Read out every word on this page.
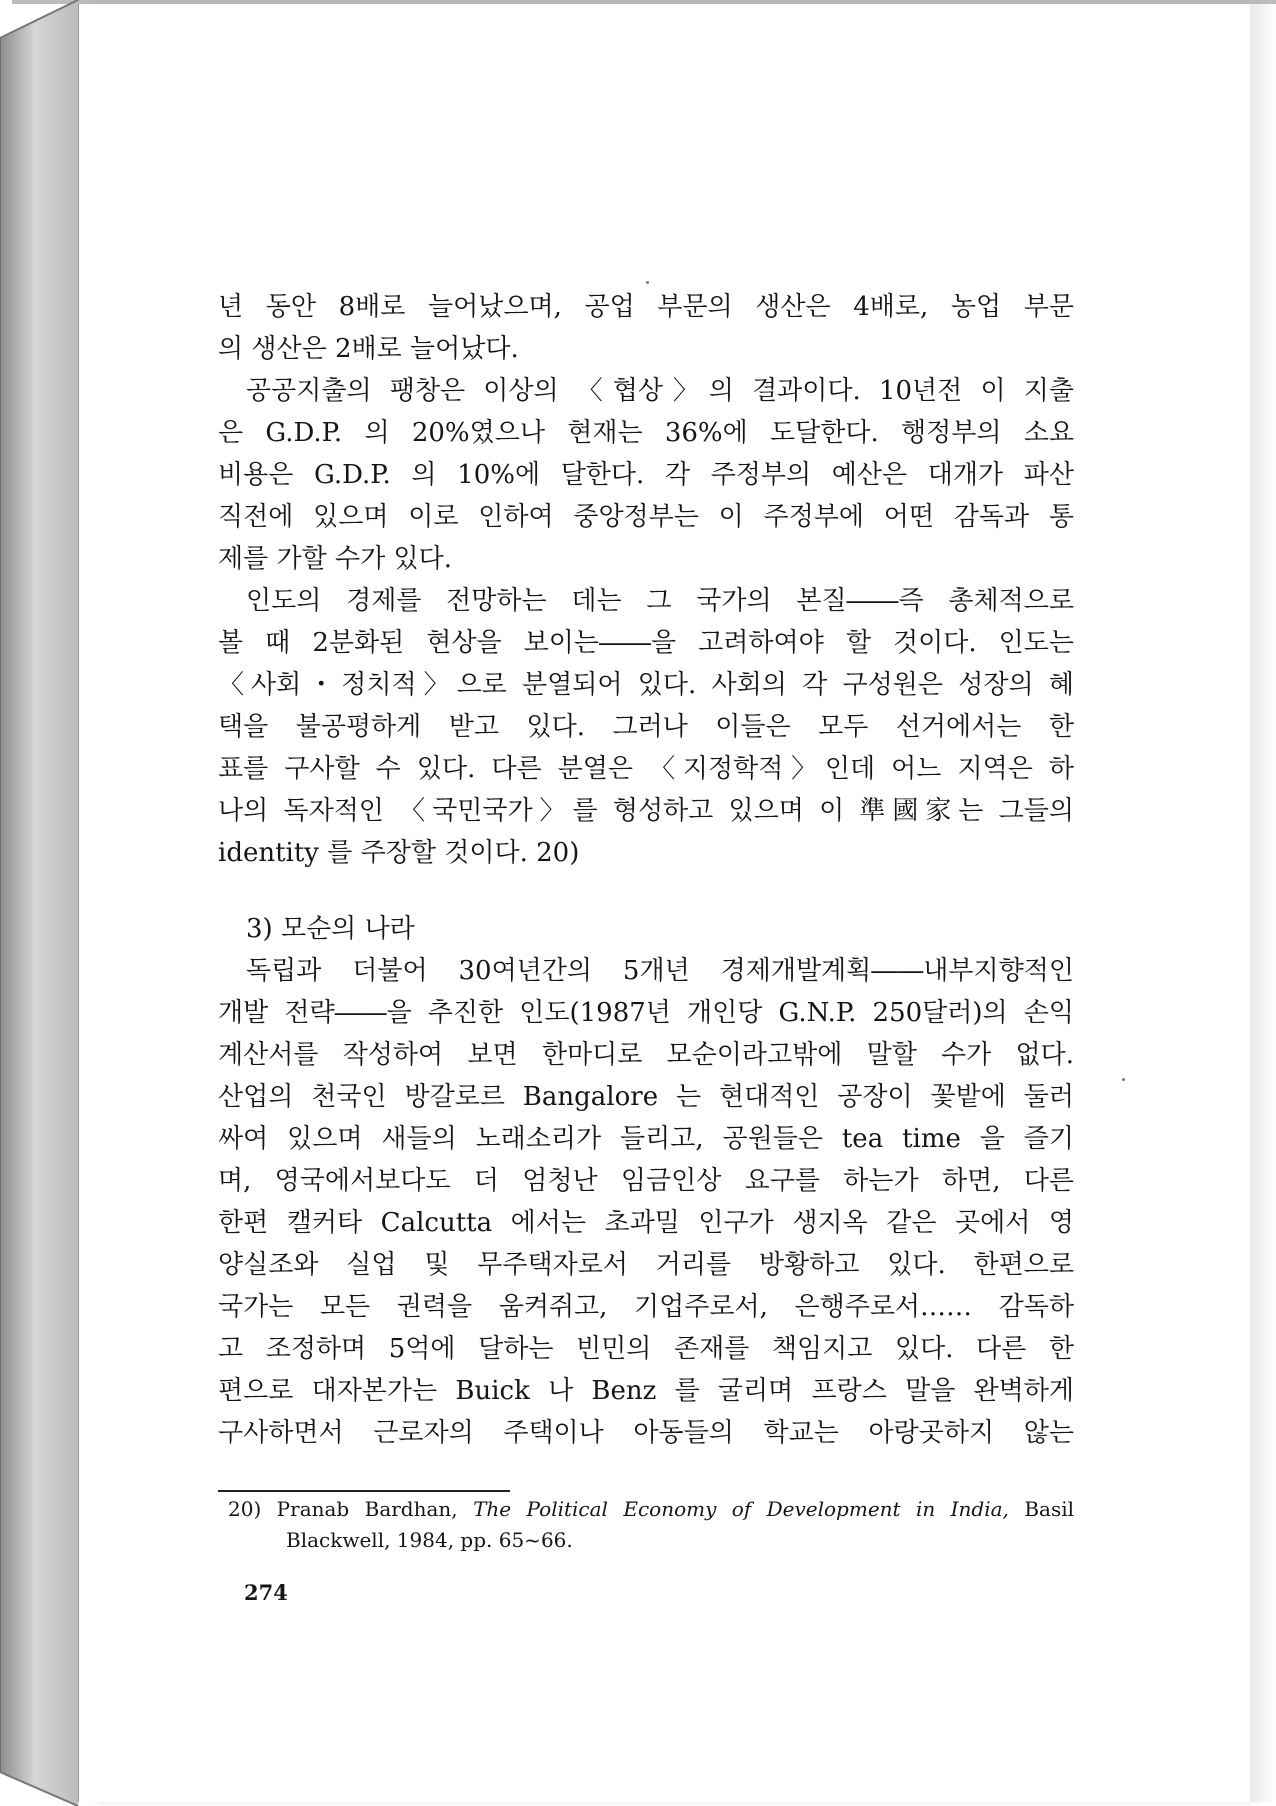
년 동안 8배로 늘어났으며, 공업 부문의 생산은 4배로, 농업 부문
의 생산은 2배로 늘어났다.
공공지출의 팽창은 이상의 〈협상〉의 결과이다. 10년전 이 지출
은 G.D.P. 의 20%였으나 현재는 36%에 도달한다. 행정부의 소요
비용은 G.D.P. 의 10%에 달한다. 각 주정부의 예산은 대개가 파산
직전에 있으며 이로 인하여 중앙정부는 이 주정부에 어떤 감독과 통
제를 가할 수가 있다.
인도의 경제를 전망하는 데는 그 국가의 본질――즉 총체적으로
볼 때 2분화된 현상을 보이는――을 고려하여야 할 것이다. 인도는
〈사회・정치적〉으로 분열되어 있다. 사회의 각 구성원은 성장의 혜
택을 불공평하게 받고 있다. 그러나 이들은 모두 선거에서는 한
표를 구사할 수 있다. 다른 분열은 〈지정학적〉인데 어느 지역은 하
나의 독자적인 〈국민국가〉를 형성하고 있으며 이 準國家는 그들의
identity 를 주장할 것이다. 20)
3) 모순의 나라
독립과 더불어 30여년간의 5개년 경제개발계획――내부지향적인
개발 전략――을 추진한 인도(1987년 개인당 G.N.P. 250달러)의 손익
계산서를 작성하여 보면 한마디로 모순이라고밖에 말할 수가 없다.
산업의 천국인 방갈로르 Bangalore 는 현대적인 공장이 꽃밭에 둘러
싸여 있으며 새들의 노래소리가 들리고, 공원들은 tea time 을 즐기
며, 영국에서보다도 더 엄청난 임금인상 요구를 하는가 하면, 다른
한편 캘커타 Calcutta 에서는 초과밀 인구가 생지옥 같은 곳에서 영
양실조와 실업 및 무주택자로서 거리를 방황하고 있다. 한편으로
국가는 모든 권력을 움켜쥐고, 기업주로서, 은행주로서…… 감독하
고 조정하며 5억에 달하는 빈민의 존재를 책임지고 있다. 다른 한
편으로 대자본가는 Buick 나 Benz 를 굴리며 프랑스 말을 완벽하게
구사하면서 근로자의 주택이나 아동들의 학교는 아랑곳하지 않는
20) Pranab Bardhan, The Political Economy of Development in India, Basil
Blackwell, 1984, pp. 65~66.
274
